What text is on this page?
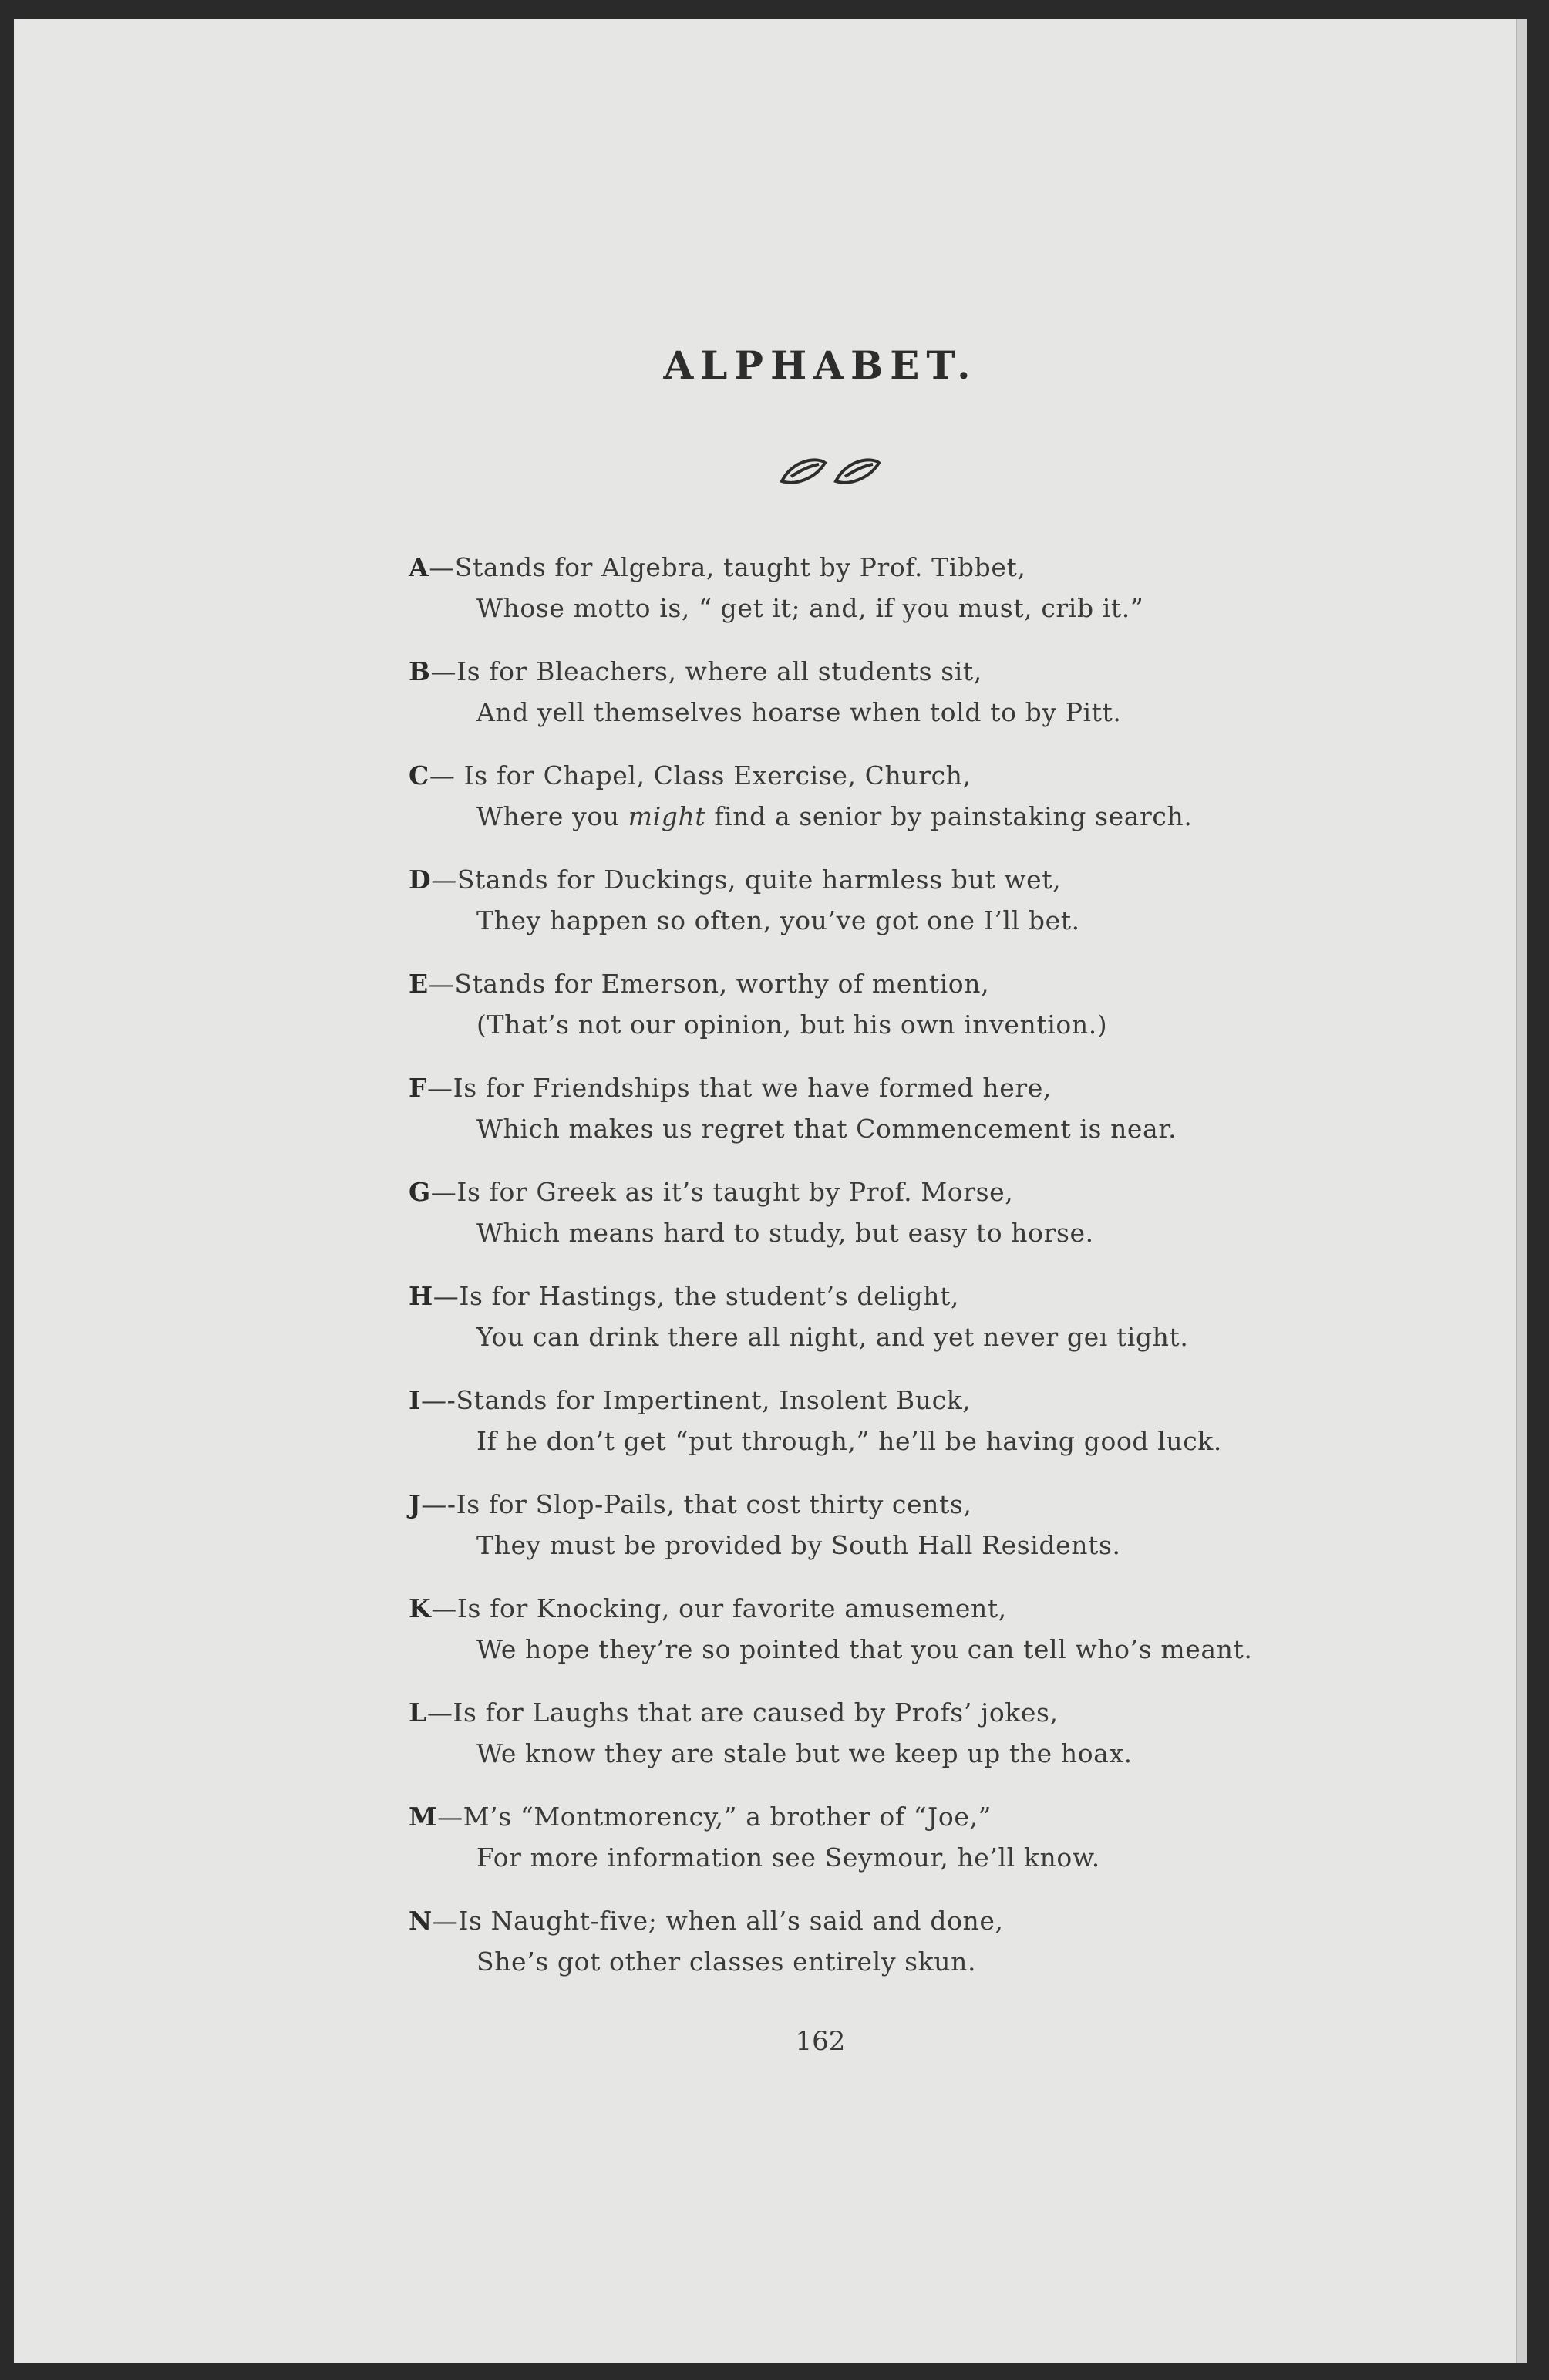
ALPHABET.
A—Stands for Algebra, taught by Prof. Tibbet,
Whose motto is, “ get it; and, if you must, crib it.”
B—Is for Bleachers, where all students sit,
And yell themselves hoarse when told to by Pitt.
C— Is for Chapel, Class Exercise, Church,
Where you might find a senior by painstaking search.
D—Stands for Duckings, quite harmless but wet,
They happen so often, you’ve got one I’ll bet.
E—Stands for Emerson, worthy of mention,
(That’s not our opinion, but his own invention.)
F—Is for Friendships that we have formed here,
Which makes us regret that Commencement is near.
G—Is for Greek as it’s taught by Prof. Morse,
Which means hard to study, but easy to horse.
H—Is for Hastings, the student’s delight,
You can drink there all night, and yet never geı tight.
I—-Stands for Impertinent, Insolent Buck,
If he don’t get “put through,” he’ll be having good luck.
J—-Is for Slop-Pails, that cost thirty cents,
They must be provided by South Hall Residents.
K—Is for Knocking, our favorite amusement,
We hope they’re so pointed that you can tell who’s meant.
L—Is for Laughs that are caused by Profs’ jokes,
We know they are stale but we keep up the hoax.
M—M’s “Montmorency,” a brother of “Joe,”
For more information see Seymour, he’ll know.
N—Is Naught-five; when all’s said and done,
She’s got other classes entirely skun.
162
